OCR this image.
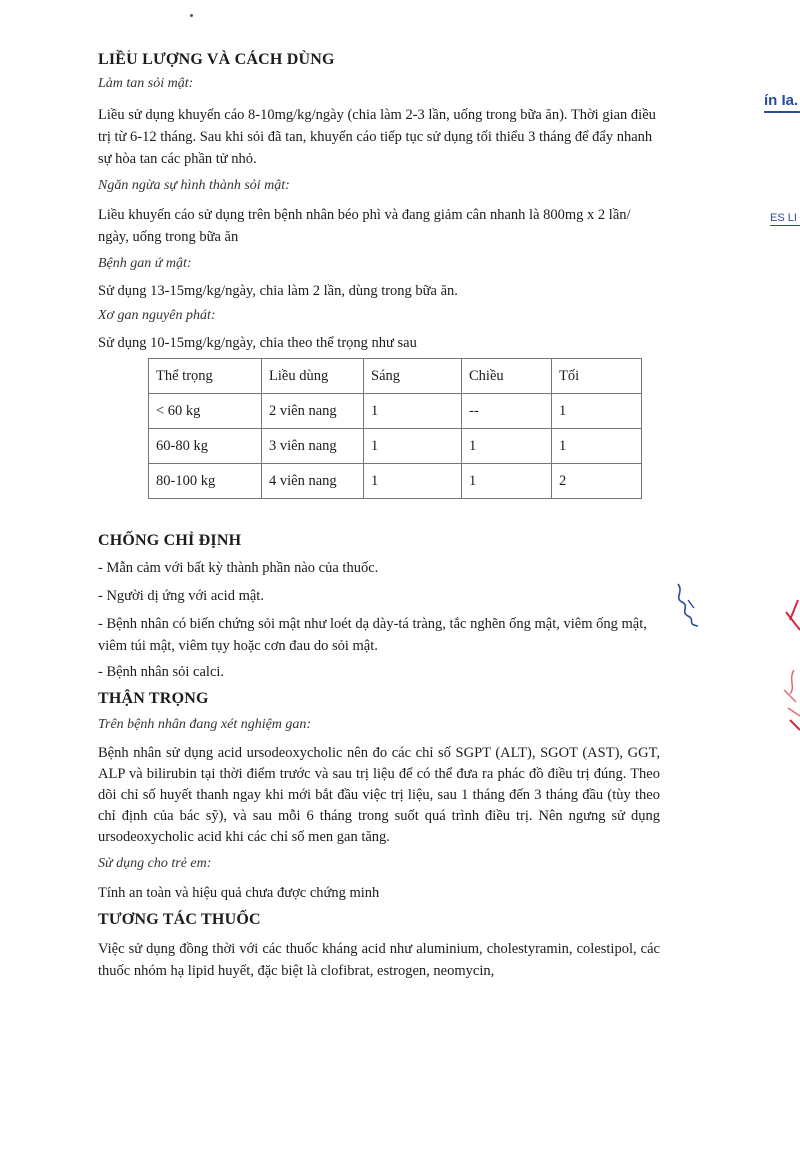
ín Ia.
ES LI
LIỀU LƯỢNG VÀ CÁCH DÙNG

Làm tan sỏi mật:

Liều sử dụng khuyến cáo 8-10mg/kg/ngày (chia làm 2-3 lần, uống trong bữa ăn). Thời gian điều trị từ 6-12 tháng. Sau khi sỏi đã tan, khuyến cáo tiếp tục sử dụng tối thiểu 3 tháng để đẩy nhanh sự hòa tan các phần tử nhỏ.

Ngăn ngừa sự hình thành sỏi mật:

Liều khuyến cáo sử dụng trên bệnh nhân béo phì và đang giảm cân nhanh là 800mg x 2 lần/ ngày, uống trong bữa ăn

Bệnh gan ứ mật:

Sử dụng 13-15mg/kg/ngày, chia làm 2 lần, dùng trong bữa ăn.

Xơ gan nguyên phát:

Sử dụng 10-15mg/kg/ngày, chia theo thể trọng như sau

Thể trọng	Liều dùng	Sáng	Chiều	Tối
< 60 kg	2 viên nang	1	--	1
60-80 kg	3 viên nang	1	1	1
80-100 kg	4 viên nang	1	1	2
CHỐNG CHỈ ĐỊNH

- Mẫn cảm với bất kỳ thành phần nào của thuốc.

- Người dị ứng với acid mật.

- Bệnh nhân có biến chứng sỏi mật như loét dạ dày-tá tràng, tắc nghẽn ống mật, viêm ống mật, viêm túi mật, viêm tụy hoặc cơn đau do sỏi mật.

- Bệnh nhân sỏi calci.

THẬN TRỌNG

Trên bệnh nhân đang xét nghiệm gan:

Bệnh nhân sử dụng acid ursodeoxycholic nên đo các chỉ số SGPT (ALT), SGOT (AST), GGT, ALP và bilirubin tại thời điểm trước và sau trị liệu để có thể đưa ra phác đồ điều trị đúng. Theo dõi chỉ số huyết thanh ngay khi mới bắt đầu việc trị liệu, sau 1 tháng đến 3 tháng đầu (tùy theo chỉ định của bác sỹ), và sau mỗi 6 tháng trong suốt quá trình điều trị. Nên ngưng sử dụng ursodeoxycholic acid khi các chỉ số men gan tăng.

Sử dụng cho trẻ em:

Tính an toàn và hiệu quả chưa được chứng minh

TƯƠNG TÁC THUỐC

Việc sử dụng đồng thời với các thuốc kháng acid như aluminium, cholestyramin, colestipol, các thuốc nhóm hạ lipid huyết, đặc biệt là clofibrat, estrogen, neomycin,
